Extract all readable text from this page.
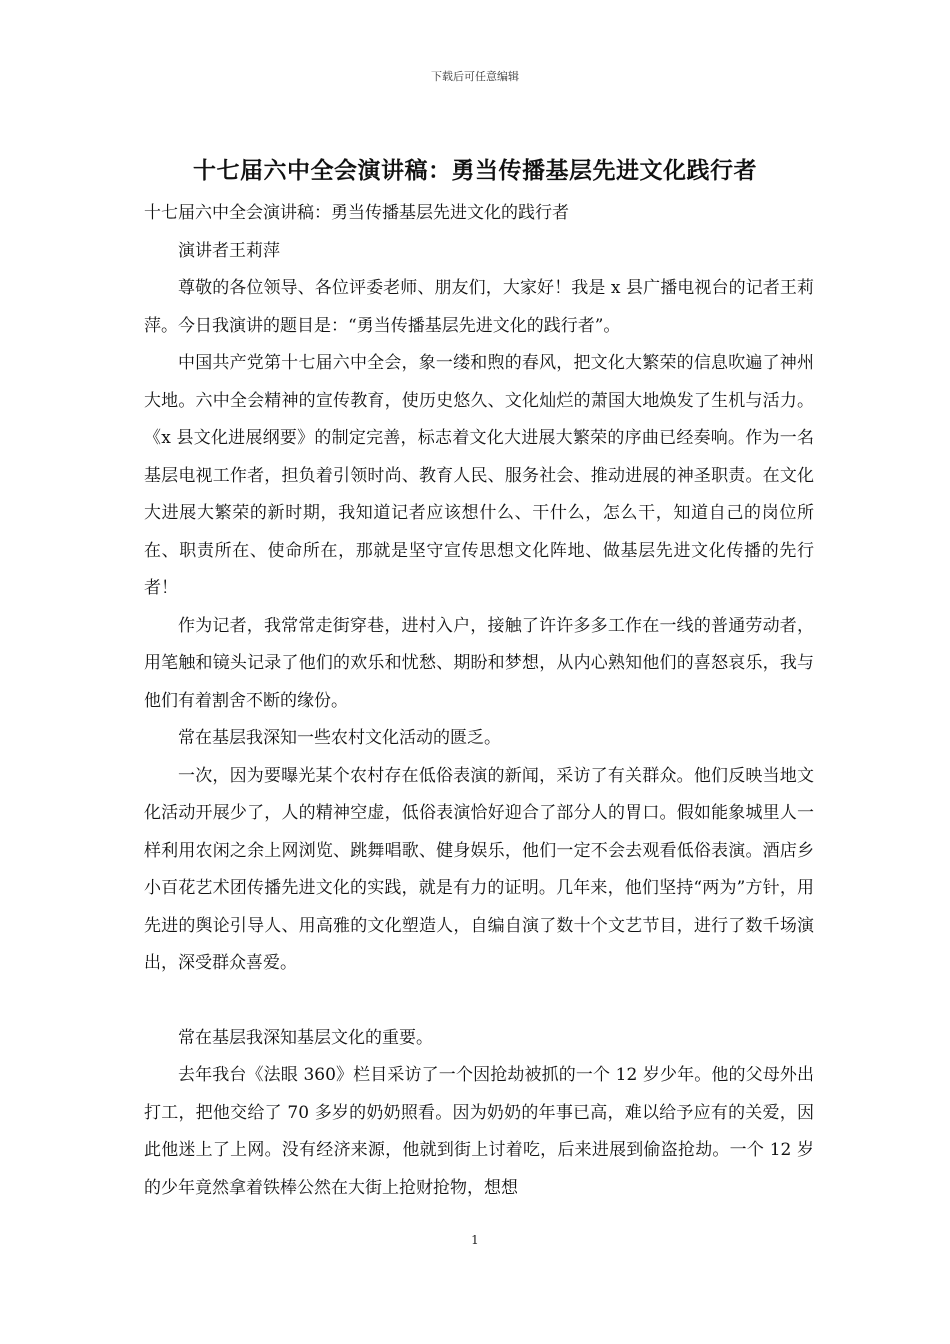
下载后可任意编辑
十七届六中全会演讲稿：勇当传播基层先进文化践行者

十七届六中全会演讲稿：勇当传播基层先进文化的践行者

演讲者王莉萍

尊敬的各位领导、各位评委老师、朋友们，大家好！我是 x 县广播电视台的记者王莉萍。今日我演讲的题目是：“勇当传播基层先进文化的践行者”。

中国共产党第十七届六中全会，象一缕和煦的春风，把文化大繁荣的信息吹遍了神州大地。六中全会精神的宣传教育，使历史悠久、文化灿烂的萧国大地焕发了生机与活力。《x 县文化进展纲要》的制定完善，标志着文化大进展大繁荣的序曲已经奏响。作为一名基层电视工作者，担负着引领时尚、教育人民、服务社会、推动进展的神圣职责。在文化大进展大繁荣的新时期，我知道记者应该想什么、干什么，怎么干，知道自己的岗位所在、职责所在、使命所在，那就是坚守宣传思想文化阵地、做基层先进文化传播的先行者！

作为记者，我常常走街穿巷，进村入户，接触了许许多多工作在一线的普通劳动者，用笔触和镜头记录了他们的欢乐和忧愁、期盼和梦想，从内心熟知他们的喜怒哀乐，我与他们有着割舍不断的缘份。

常在基层我深知一些农村文化活动的匮乏。

一次，因为要曝光某个农村存在低俗表演的新闻，采访了有关群众。他们反映当地文化活动开展少了，人的精神空虚，低俗表演恰好迎合了部分人的胃口。假如能象城里人一样利用农闲之余上网浏览、跳舞唱歌、健身娱乐，他们一定不会去观看低俗表演。酒店乡小百花艺术团传播先进文化的实践，就是有力的证明。几年来，他们坚持“两为”方针，用先进的舆论引导人、用高雅的文化塑造人，自编自演了数十个文艺节目，进行了数千场演出，深受群众喜爱。

常在基层我深知基层文化的重要。

去年我台《法眼 360》栏目采访了一个因抢劫被抓的一个 12 岁少年。他的父母外出打工，把他交给了 70 多岁的奶奶照看。因为奶奶的年事已高，难以给予应有的关爱，因此他迷上了上网。没有经济来源，他就到街上讨着吃，后来进展到偷盗抢劫。一个 12 岁的少年竟然拿着铁棒公然在大街上抢财抢物，想想

1
